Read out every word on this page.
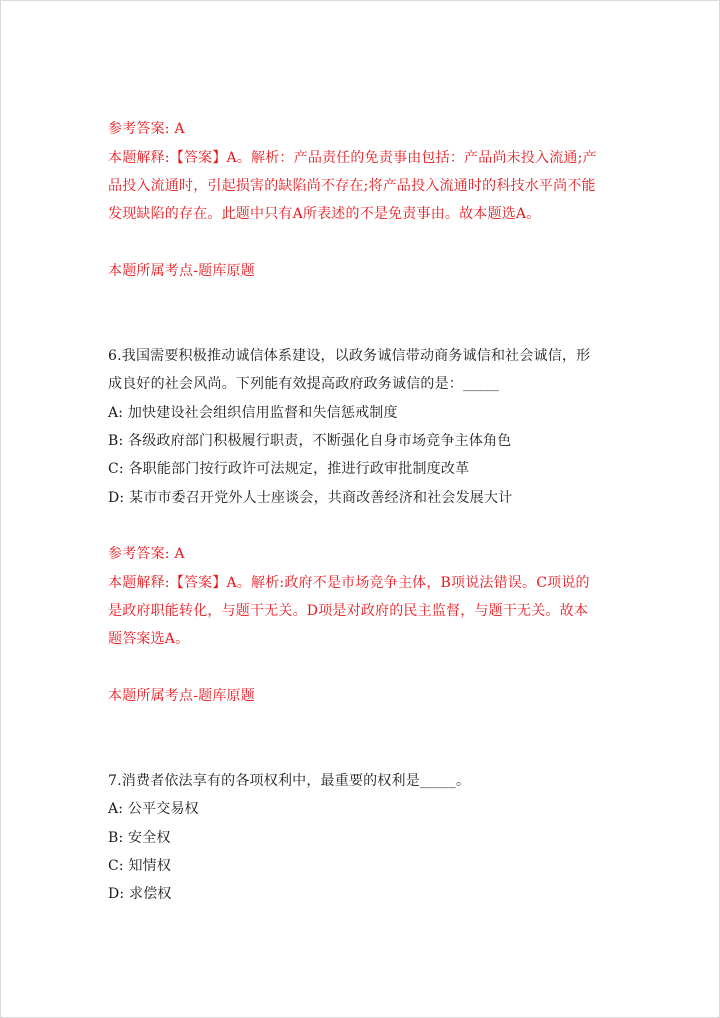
参考答案: A
本题解释:【答案】A。解析：产品责任的免责事由包括：产品尚未投入流通;产
品投入流通时，引起损害的缺陷尚不存在;将产品投入流通时的科技水平尚不能
发现缺陷的存在。此题中只有A所表述的不是免责事由。故本题选A。
本题所属考点-题库原题
6.我国需要积极推动诚信体系建设，以政务诚信带动商务诚信和社会诚信，形
成良好的社会风尚。下列能有效提高政府政务诚信的是：_____
A: 加快建设社会组织信用监督和失信惩戒制度
B: 各级政府部门积极履行职责，不断强化自身市场竞争主体角色
C: 各职能部门按行政许可法规定，推进行政审批制度改革
D: 某市市委召开党外人士座谈会，共商改善经济和社会发展大计
参考答案: A
本题解释:【答案】A。解析:政府不是市场竞争主体，B项说法错误。C项说的
是政府职能转化，与题干无关。D项是对政府的民主监督，与题干无关。故本
题答案选A。
本题所属考点-题库原题
7.消费者依法享有的各项权利中，最重要的权利是_____。
A: 公平交易权
B: 安全权
C: 知情权
D: 求偿权
